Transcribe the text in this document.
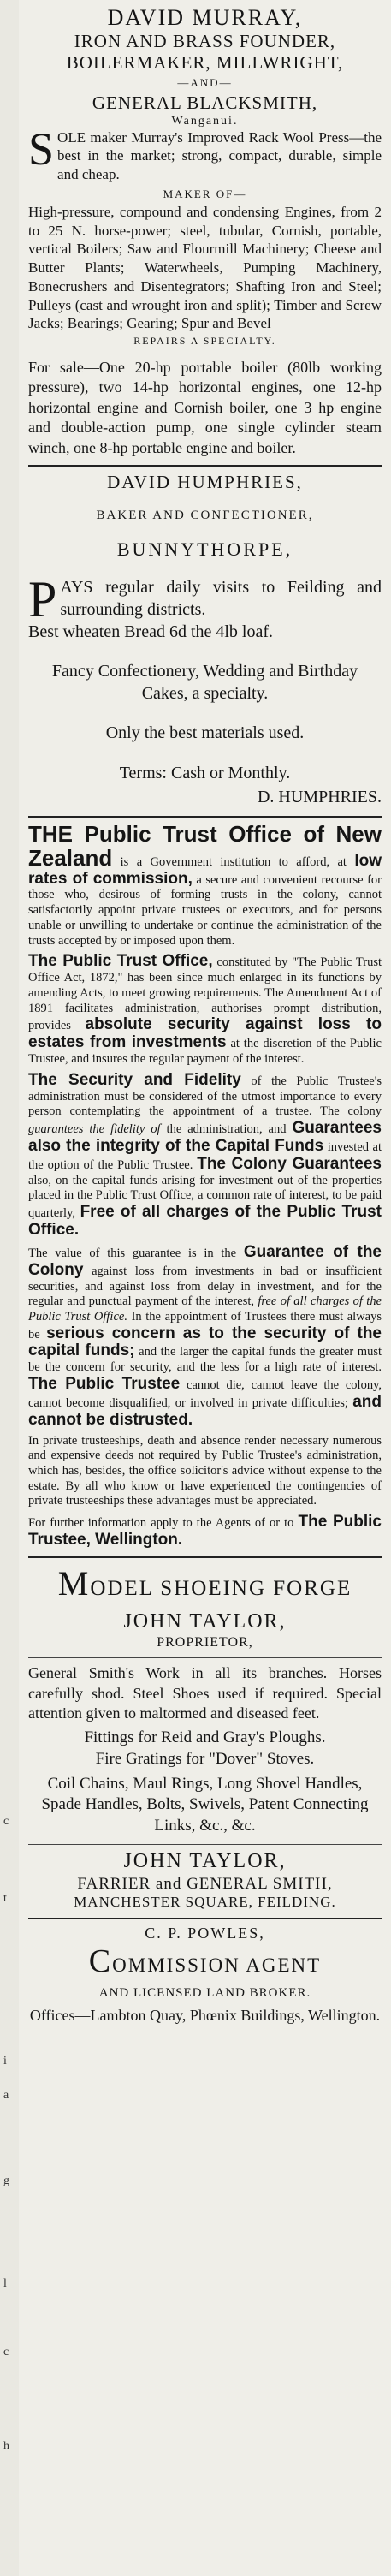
c
t
i
a
g
l
c
h

DAVID MURRAY,

IRON AND BRASS FOUNDER,

BOILERMAKER, MILLWRIGHT,

—AND—

GENERAL BLACKSMITH,

Wanganui.

SOLE maker Murray's Improved Rack Wool Press—the best in the market; strong, compact, durable, simple and cheap.

MAKER OF—

High-pressure, compound and condensing Engines, from 2 to 25 N. horse-power; steel, tubular, Cornish, portable, vertical Boilers; Saw and Flourmill Machinery; Cheese and Butter Plants; Waterwheels, Pumping Machinery, Bonecrushers and Disentegrators; Shafting Iron and Steel; Pulleys (cast and wrought iron and split); Timber and Screw Jacks; Bearings; Gearing; Spur and Bevel

REPAIRS A SPECIALTY.

For sale—One 20-hp portable boiler (80lb working pressure), two 14-hp horizontal engines, one 12-hp horizontal engine and Cornish boiler, one 3 hp engine and double-action pump, one single cylinder steam winch, one 8-hp portable engine and boiler.

DAVID HUMPHRIES,

BAKER AND CONFECTIONER,

BUNNYTHORPE,

PAYS regular daily visits to Feilding and surrounding districts.

Best wheaten Bread 6d the 4lb loaf.

Fancy Confectionery, Wedding and Birthday Cakes, a specialty.

Only the best materials used.

Terms: Cash or Monthly.

D. HUMPHRIES.

THE Public Trust Office of New Zealand is a Government institution to afford, at low rates of commission, a secure and convenient recourse for those who, desirous of forming trusts in the colony, cannot satisfactorily appoint private trustees or executors, and for persons unable or unwilling to undertake or continue the administration of the trusts accepted by or imposed upon them.

The Public Trust Office, constituted by "The Public Trust Office Act, 1872," has been since much enlarged in its functions by amending Acts, to meet growing requirements. The Amendment Act of 1891 facilitates administration, authorises prompt distribution, provides absolute security against loss to estates from investments at the discretion of the Public Trustee, and insures the regular payment of the interest.

The Security and Fidelity of the Public Trustee's administration must be considered of the utmost importance to every person contemplating the appointment of a trustee. The colony guarantees the fidelity of the administration, and Guarantees also the integrity of the Capital Funds invested at the option of the Public Trustee. The Colony Guarantees also, on the capital funds arising for investment out of the properties placed in the Public Trust Office, a common rate of interest, to be paid quarterly, Free of all charges of the Public Trust Office.

The value of this guarantee is in the Guarantee of the Colony against loss from investments in bad or insufficient securities, and against loss from delay in investment, and for the regular and punctual payment of the interest, free of all charges of the Public Trust Office. In the appointment of Trustees there must always be serious concern as to the security of the capital funds; and the larger the capital funds the greater must be the concern for security, and the less for a high rate of interest. The Public Trustee cannot die, cannot leave the colony, cannot become disqualified, or involved in private difficulties; and cannot be distrusted.

In private trusteeships, death and absence render necessary numerous and expensive deeds not required by Public Trustee's administration, which has, besides, the office solicitor's advice without expense to the estate. By all who know or have experienced the contingencies of private trusteeships these advantages must be appreciated.

For further information apply to the Agents of or to The Public Trustee, Wellington.

MODEL SHOEING FORGE

JOHN TAYLOR,

PROPRIETOR,

General Smith's Work in all its branches. Horses carefully shod. Steel Shoes used if required. Special attention given to maltormed and diseased feet.

Fittings for Reid and Gray's Ploughs.

Fire Gratings for "Dover" Stoves.

Coil Chains, Maul Rings, Long Shovel Handles, Spade Handles, Bolts, Swivels, Patent Connecting Links, &c., &c.

JOHN TAYLOR,

FARRIER and GENERAL SMITH,

MANCHESTER SQUARE, FEILDING.

C. P. POWLES,

COMMISSION AGENT

AND LICENSED LAND BROKER.

Offices—Lambton Quay, Phœnix Buildings, Wellington.
